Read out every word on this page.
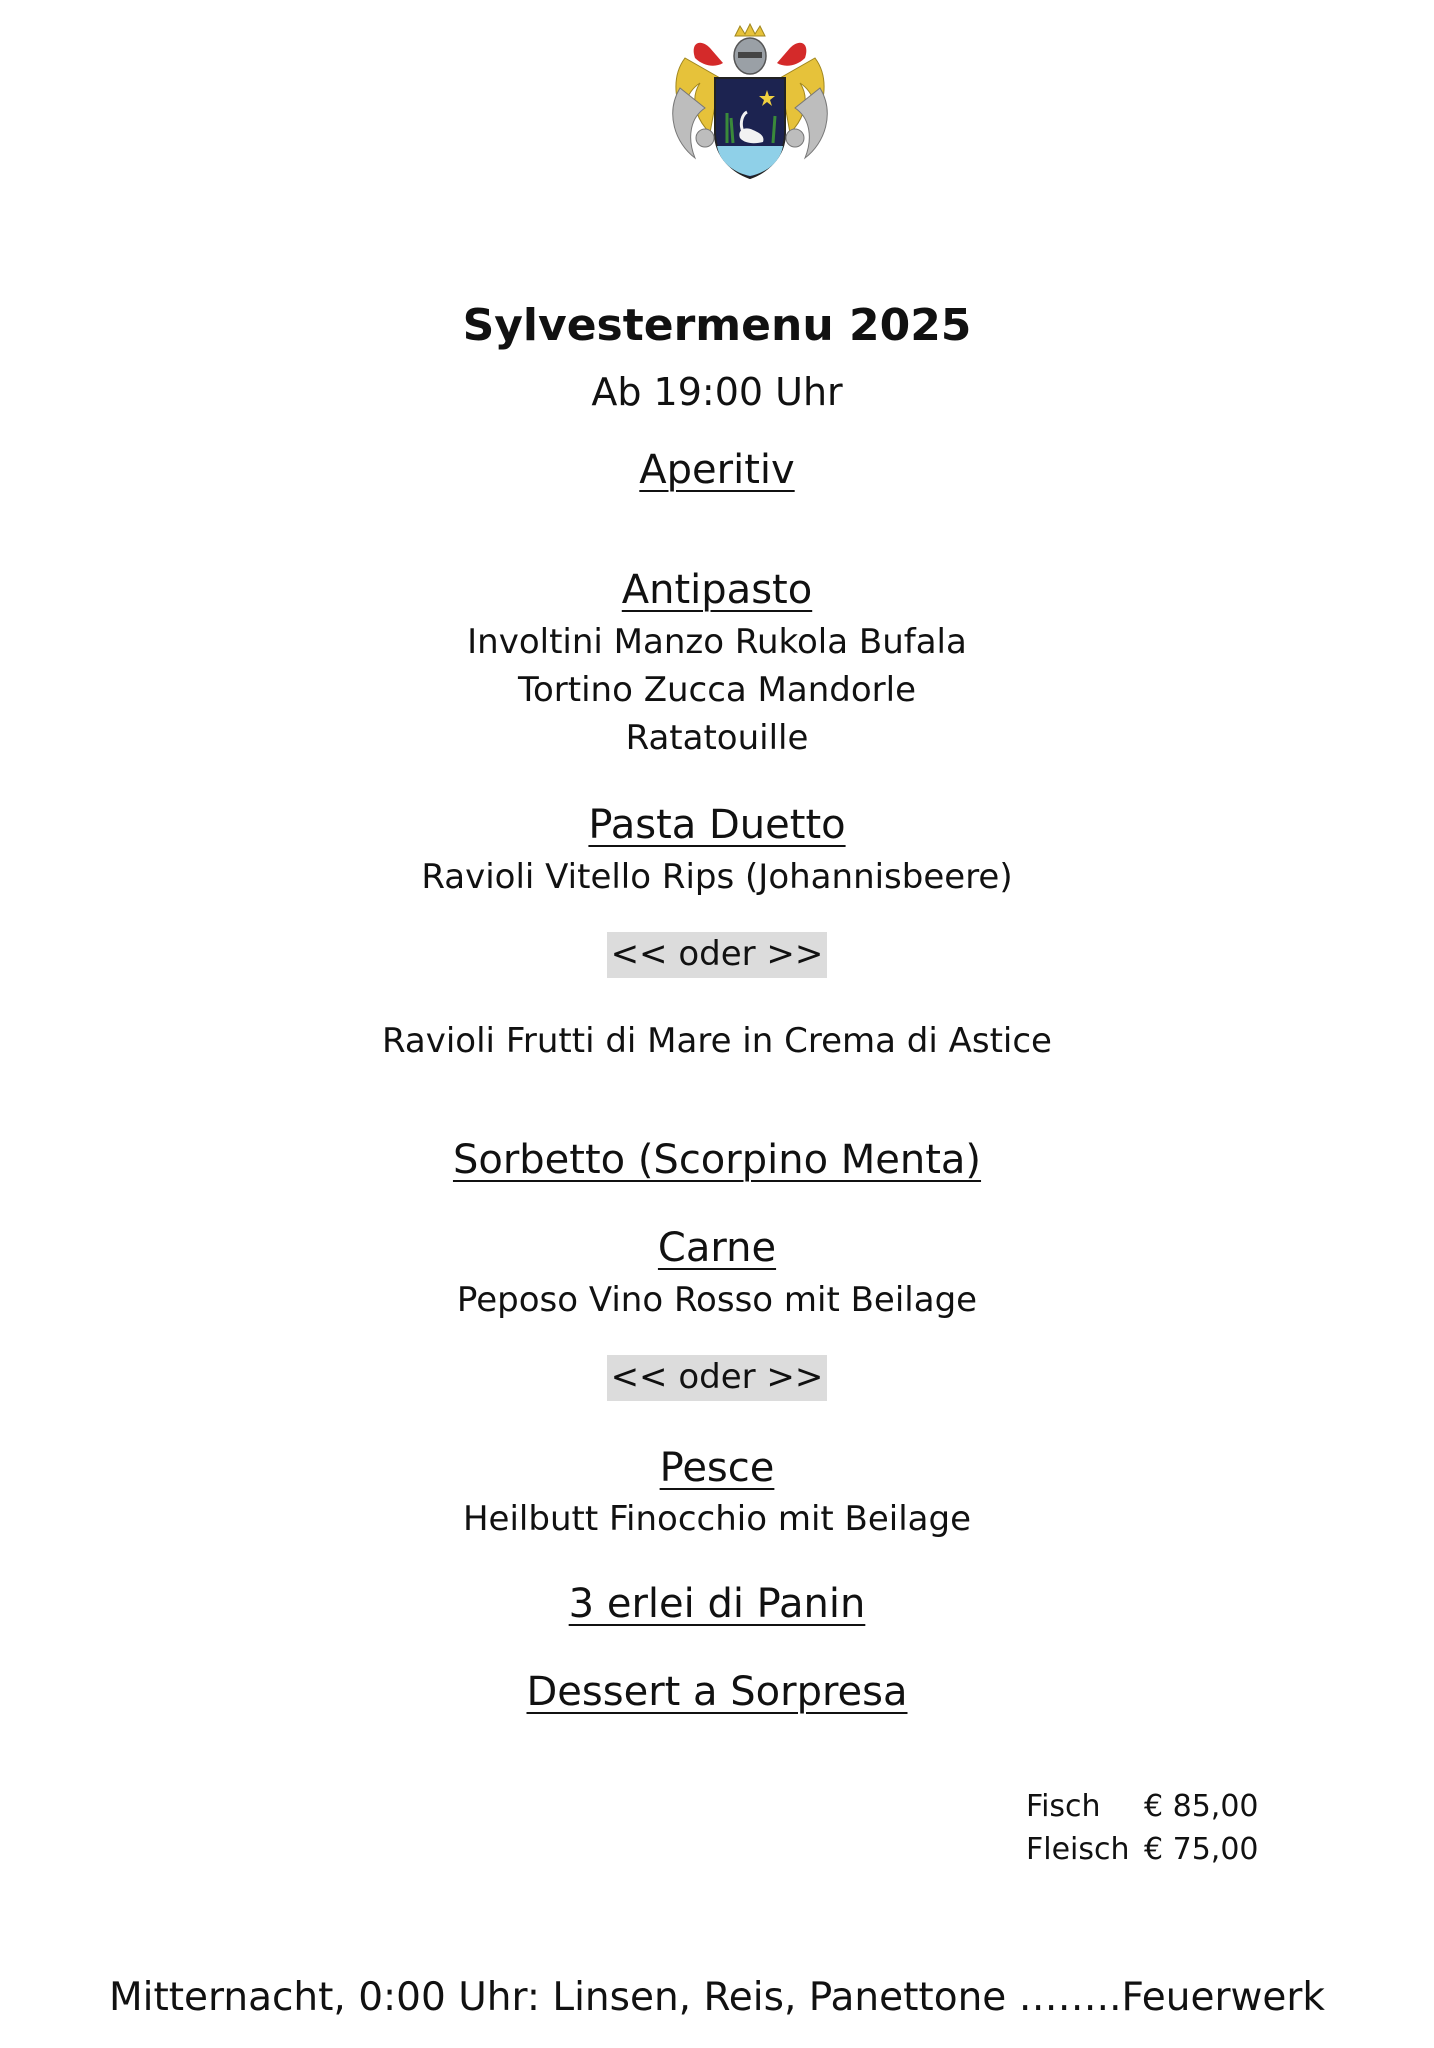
Sylvestermenu 2025
Ab 19:00 Uhr
Aperitiv
Antipasto
Involtini Manzo Rukola Bufala
Tortino Zucca Mandorle
Ratatouille
Pasta Duetto
Ravioli Vitello Rips (Johannisbeere)
<< oder >>
Ravioli Frutti di Mare in Crema di Astice
Sorbetto (Scorpino Menta)
Carne
Peposo Vino Rosso mit Beilage
<< oder >>
Pesce
Heilbutt Finocchio mit Beilage
3 erlei di Panin
Dessert a Sorpresa
Fisch € 85,00
Fleisch € 75,00
Mitternacht, 0:00 Uhr: Linsen, Reis, Panettone ……..Feuerwerk
